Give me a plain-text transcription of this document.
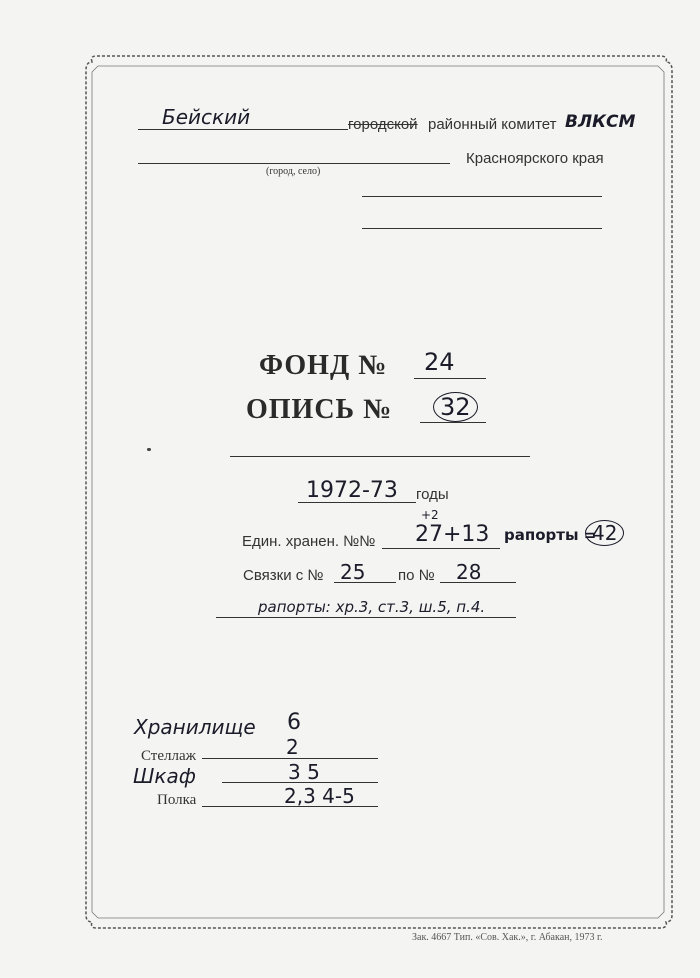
Бейский	городской районный комитет ВЛКСМ
(город, село)
Красноярского края
ФОНД № 24
ОПИСЬ № 32
1972-73 годы
Един. хранен. №№
+2
27+13 рапорты =
42
Связки с № 25 по № 28
рапорты: хр.3, ст.3, ш.5, п.4.
Хранилище 6
Стеллаж	2
Шкаф	3 5
Полка	2,3 4-5
Зак. 4667 Тип. «Сов. Хак.», г. Абакан, 1973 г.
